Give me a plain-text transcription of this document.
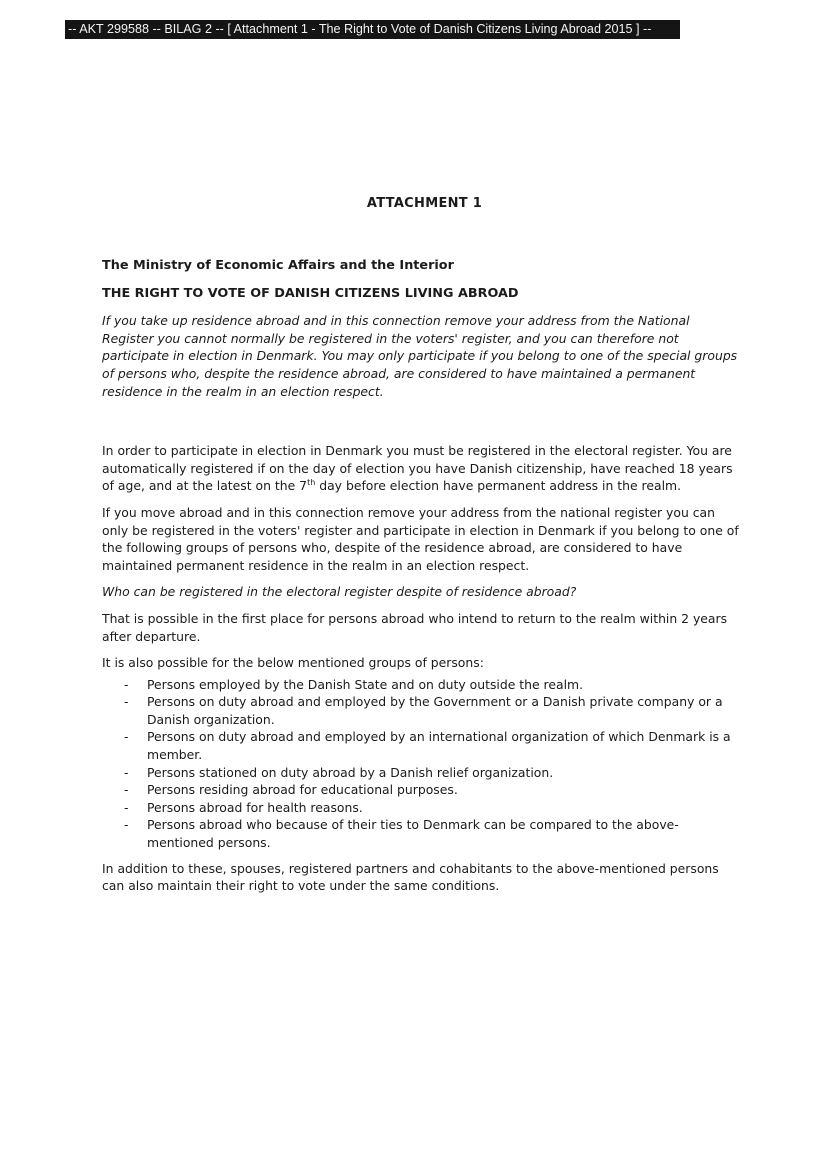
-- AKT 299588 -- BILAG 2 -- [ Attachment 1 - The Right to Vote of Danish Citizens Living Abroad 2015 ] --
ATTACHMENT 1

The Ministry of Economic Affairs and the Interior

THE RIGHT TO VOTE OF DANISH CITIZENS LIVING ABROAD

If you take up residence abroad and in this connection remove your address from the National Register you cannot normally be registered in the voters' register, and you can therefore not participate in election in Denmark. You may only participate if you belong to one of the special groups of persons who, despite the residence abroad, are considered to have maintained a permanent residence in the realm in an election respect.

In order to participate in election in Denmark you must be registered in the electoral register. You are automatically registered if on the day of election you have Danish citizenship, have reached 18 years of age, and at the latest on the 7th day before election have permanent address in the realm.

If you move abroad and in this connection remove your address from the national register you can only be registered in the voters' register and participate in election in Denmark if you belong to one of the following groups of persons who, despite of the residence abroad, are considered to have maintained permanent residence in the realm in an election respect.

Who can be registered in the electoral register despite of residence abroad?

That is possible in the first place for persons abroad who intend to return to the realm within 2 years after departure.

It is also possible for the below mentioned groups of persons:

- Persons employed by the Danish State and on duty outside the realm.
- Persons on duty abroad and employed by the Government or a Danish private company or a Danish organization.
- Persons on duty abroad and employed by an international organization of which Denmark is a member.
- Persons stationed on duty abroad by a Danish relief organization.
- Persons residing abroad for educational purposes.
- Persons abroad for health reasons.
- Persons abroad who because of their ties to Denmark can be compared to the above-mentioned persons.

In addition to these, spouses, registered partners and cohabitants to the above-mentioned persons can also maintain their right to vote under the same conditions.
